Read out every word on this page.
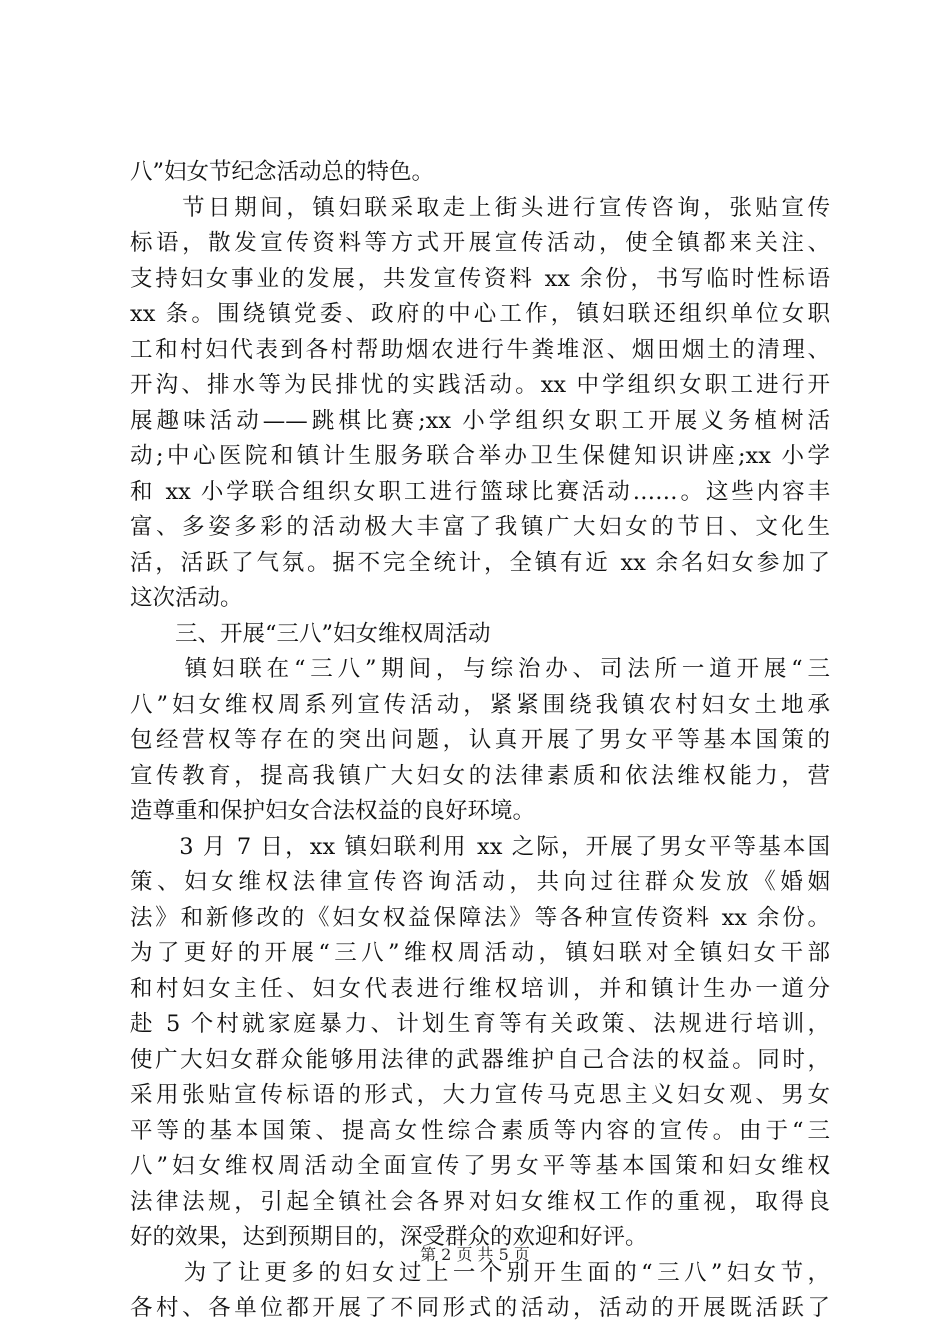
八”妇女节纪念活动总的特色。
　　节日期间，镇妇联采取走上街头进行宣传咨询，张贴宣传
标语，散发宣传资料等方式开展宣传活动，使全镇都来关注、
支持妇女事业的发展，共发宣传资料 xx 余份，书写临时性标语
xx 条。围绕镇党委、政府的中心工作，镇妇联还组织单位女职
工和村妇代表到各村帮助烟农进行牛粪堆沤、烟田烟土的清理、
开沟、排水等为民排忧的实践活动。xx 中学组织女职工进行开
展趣味活动——跳棋比赛;xx 小学组织女职工开展义务植树活
动;中心医院和镇计生服务联合举办卫生保健知识讲座;xx 小学
和 xx 小学联合组织女职工进行篮球比赛活动……。这些内容丰
富、多姿多彩的活动极大丰富了我镇广大妇女的节日、文化生
活，活跃了气氛。据不完全统计，全镇有近 xx 余名妇女参加了
这次活动。
　　三、开展“三八”妇女维权周活动
　　镇妇联在“三八”期间，与综治办、司法所一道开展“三
八”妇女维权周系列宣传活动，紧紧围绕我镇农村妇女土地承
包经营权等存在的突出问题，认真开展了男女平等基本国策的
宣传教育，提高我镇广大妇女的法律素质和依法维权能力，营
造尊重和保护妇女合法权益的良好环境。
　　3 月 7 日，xx 镇妇联利用 xx 之际，开展了男女平等基本国
策、妇女维权法律宣传咨询活动，共向过往群众发放《婚姻
法》和新修改的《妇女权益保障法》等各种宣传资料 xx 余份。
为了更好的开展“三八”维权周活动，镇妇联对全镇妇女干部
和村妇女主任、妇女代表进行维权培训，并和镇计生办一道分
赴 5 个村就家庭暴力、计划生育等有关政策、法规进行培训，
使广大妇女群众能够用法律的武器维护自己合法的权益。同时，
采用张贴宣传标语的形式，大力宣传马克思主义妇女观、男女
平等的基本国策、提高女性综合素质等内容的宣传。由于“三
八”妇女维权周活动全面宣传了男女平等基本国策和妇女维权
法律法规，引起全镇社会各界对妇女维权工作的重视，取得良
好的效果，达到预期目的，深受群众的欢迎和好评。
　　为了让更多的妇女过上一个别开生面的“三八”妇女节，
各村、各单位都开展了不同形式的活动，活动的开展既活跃了
第 2 页 共 5 页
